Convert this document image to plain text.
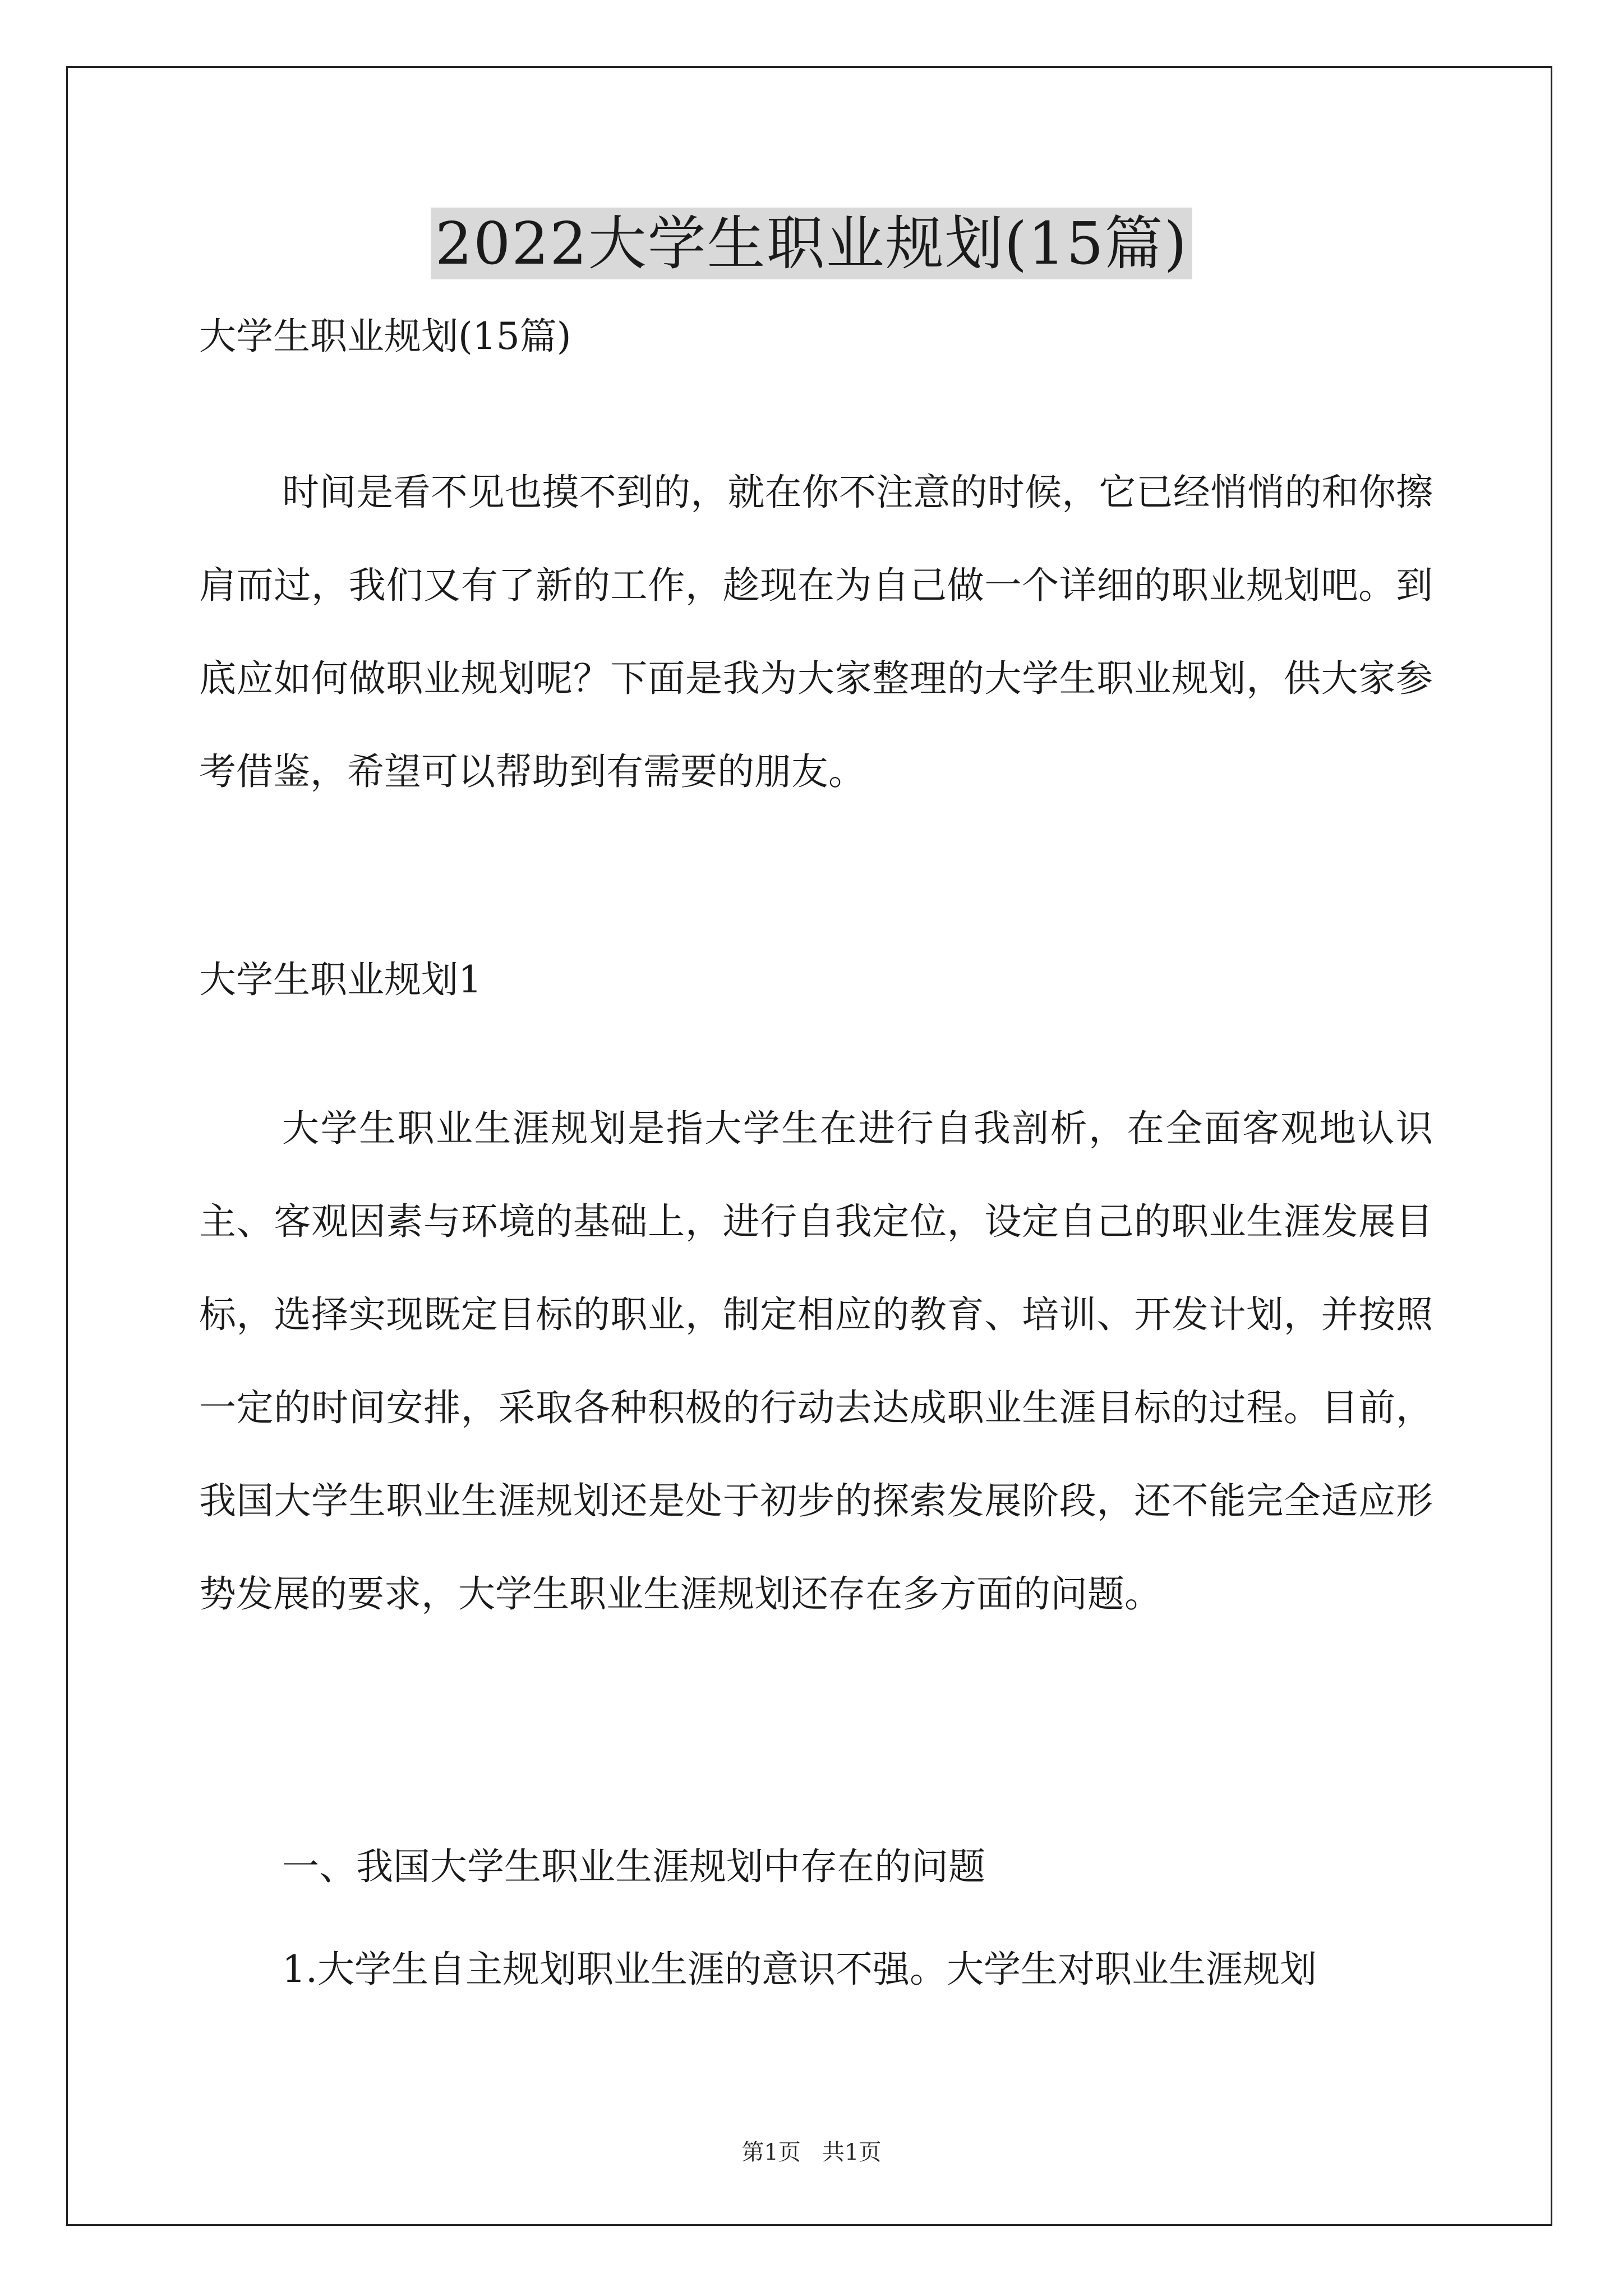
2022大学生职业规划(15篇)
大学生职业规划(15篇)
时间是看不见也摸不到的，就在你不注意的时候，它已经悄悄的和你擦肩而过，我们又有了新的工作，趁现在为自己做一个详细的职业规划吧。到底应如何做职业规划呢？下面是我为大家整理的大学生职业规划，供大家参考借鉴，希望可以帮助到有需要的朋友。
大学生职业规划1
大学生职业生涯规划是指大学生在进行自我剖析，在全面客观地认识主、客观因素与环境的基础上，进行自我定位，设定自己的职业生涯发展目标，选择实现既定目标的职业，制定相应的教育、培训、开发计划，并按照一定的时间安排，采取各种积极的行动去达成职业生涯目标的过程。目前，我国大学生职业生涯规划还是处于初步的探索发展阶段，还不能完全适应形势发展的要求，大学生职业生涯规划还存在多方面的问题。
一、我国大学生职业生涯规划中存在的问题
1.大学生自主规划职业生涯的意识不强。大学生对职业生涯规划
第1页   共1页
